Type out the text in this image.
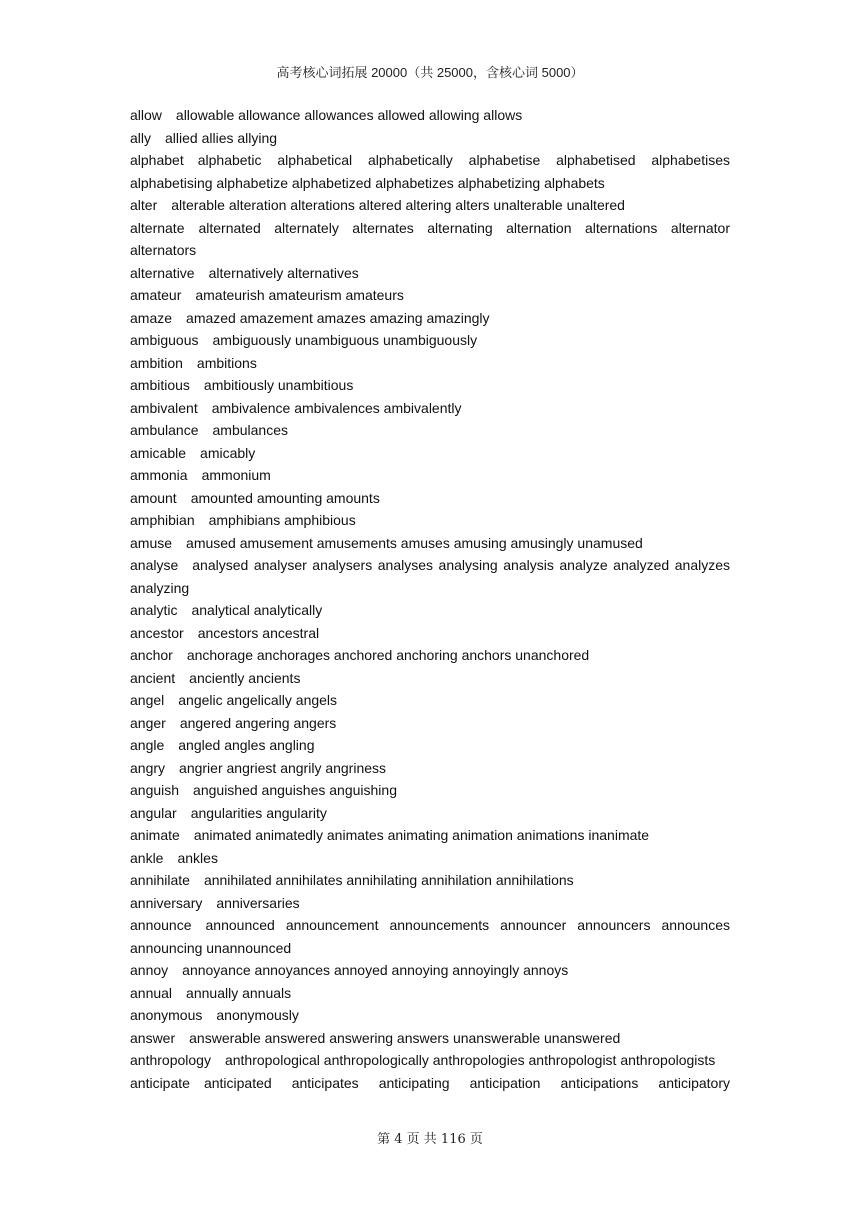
高考核心词拓展 20000（共 25000，含核心词 5000）

allow allowable allowance allowances allowed allowing allows

ally allied allies allying

alphabet alphabetic alphabetical alphabetically alphabetise alphabetised alphabetises alphabetising alphabetize alphabetized alphabetizes alphabetizing alphabets

alter alterable alteration alterations altered altering alters unalterable unaltered

alternate alternated alternately alternates alternating alternation alternations alternator alternators

alternative alternatively alternatives

amateur amateurish amateurism amateurs

amaze amazed amazement amazes amazing amazingly

ambiguous ambiguously unambiguous unambiguously

ambition ambitions

ambitious ambitiously unambitious

ambivalent ambivalence ambivalences ambivalently

ambulance ambulances

amicable amicably

ammonia ammonium

amount amounted amounting amounts

amphibian amphibians amphibious

amuse amused amusement amusements amuses amusing amusingly unamused

analyse analysed analyser analysers analyses analysing analysis analyze analyzed analyzes analyzing

analytic analytical analytically

ancestor ancestors ancestral

anchor anchorage anchorages anchored anchoring anchors unanchored

ancient anciently ancients

angel angelic angelically angels

anger angered angering angers

angle angled angles angling

angry angrier angriest angrily angriness

anguish anguished anguishes anguishing

angular angularities angularity

animate animated animatedly animates animating animation animations inanimate

ankle ankles

annihilate annihilated annihilates annihilating annihilation annihilations

anniversary anniversaries

announce announced announcement announcements announcer announcers announces announcing unannounced

annoy annoyance annoyances annoyed annoying annoyingly annoys

annual annually annuals

anonymous anonymously

answer answerable answered answering answers unanswerable unanswered

anthropology anthropological anthropologically anthropologies anthropologist anthropologists

anticipate anticipated anticipates anticipating anticipation anticipations anticipatory

第 4 页 共 116 页
